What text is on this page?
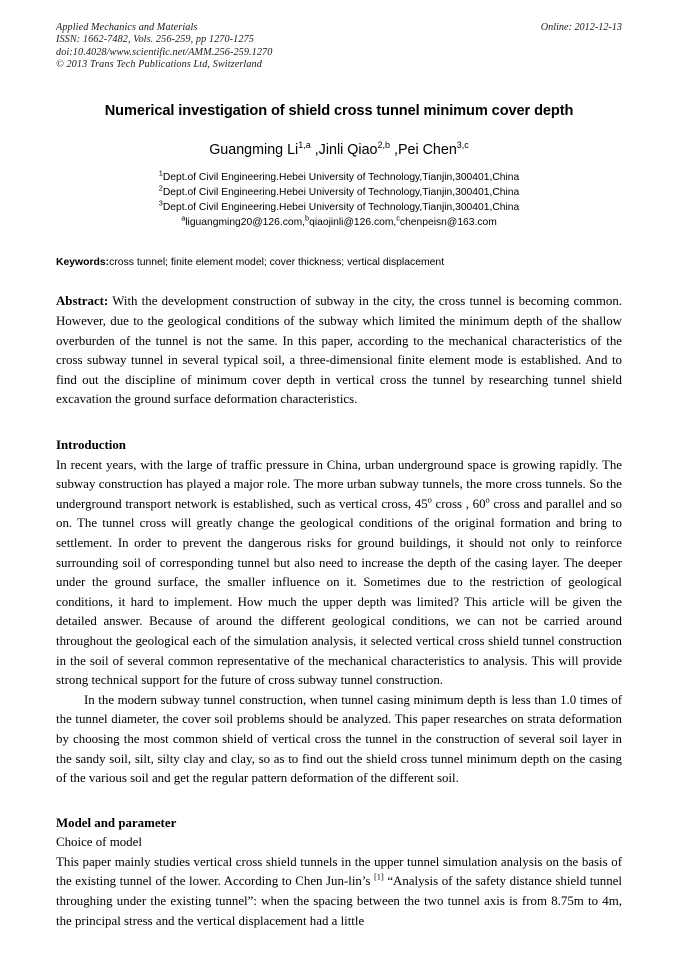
Applied Mechanics and Materials
ISSN: 1662-7482, Vols. 256-259, pp 1270-1275
doi:10.4028/www.scientific.net/AMM.256-259.1270
© 2013 Trans Tech Publications Ltd, Switzerland
Online: 2012-12-13
Numerical investigation of shield cross tunnel minimum cover depth
Guangming Li$^{1,a}$ ,Jinli Qiao$^{2,b}$ ,Pei Chen$^{3,c}$
$^1$Dept.of Civil Engineering.Hebei University of Technology,Tianjin,300401,China
$^2$Dept.of Civil Engineering.Hebei University of Technology,Tianjin,300401,China
$^3$Dept.of Civil Engineering.Hebei University of Technology,Tianjin,300401,China
$^a$liguangming20@126.com,$^b$qiaojinli@126.com,$^c$chenpeisn@163.com
Keywords:cross tunnel; finite element model; cover thickness; vertical displacement
Abstract: With the development construction of subway in the city, the cross tunnel is becoming common. However, due to the geological conditions of the subway which limited the minimum depth of the shallow overburden of the tunnel is not the same. In this paper, according to the mechanical characteristics of the cross subway tunnel in several typical soil, a three-dimensional finite element mode is established. And to find out the discipline of minimum cover depth in vertical cross the tunnel by researching tunnel shield excavation the ground surface deformation characteristics.
Introduction
In recent years, with the large of traffic pressure in China, urban underground space is growing rapidly. The subway construction has played a major role. The more urban subway tunnels, the more cross tunnels. So the underground transport network is established, such as vertical cross, 45$^o$ cross , 60$^o$ cross and parallel and so on. The tunnel cross will greatly change the geological conditions of the original formation and bring to settlement. In order to prevent the dangerous risks for ground buildings, it should not only to reinforce surrounding soil of corresponding tunnel but also need to increase the depth of the casing layer. The deeper under the ground surface, the smaller influence on it. Sometimes due to the restriction of geological conditions, it hard to implement. How much the upper depth was limited? This article will be given the detailed answer. Because of around the different geological conditions, we can not be carried around throughout the geological each of the simulation analysis, it selected vertical cross shield tunnel construction in the soil of several common representative of the mechanical characteristics to analysis. This will provide strong technical support for the future of cross subway tunnel construction.
In the modern subway tunnel construction, when tunnel casing minimum depth is less than 1.0 times of the tunnel diameter, the cover soil problems should be analyzed. This paper researches on strata deformation by choosing the most common shield of vertical cross the tunnel in the construction of several soil layer in the sandy soil, silt, silty clay and clay, so as to find out the shield cross tunnel minimum depth on the casing of the various soil and get the regular pattern deformation of the different soil.
Model and parameter
Choice of model
This paper mainly studies vertical cross shield tunnels in the upper tunnel simulation analysis on the basis of the existing tunnel of the lower. According to Chen Jun-lin’s [1] “Analysis of the safety distance shield tunnel throughing under the existing tunnel”: when the spacing between the two tunnel axis is from 8.75m to 4m, the principal stress and the vertical displacement had a little
